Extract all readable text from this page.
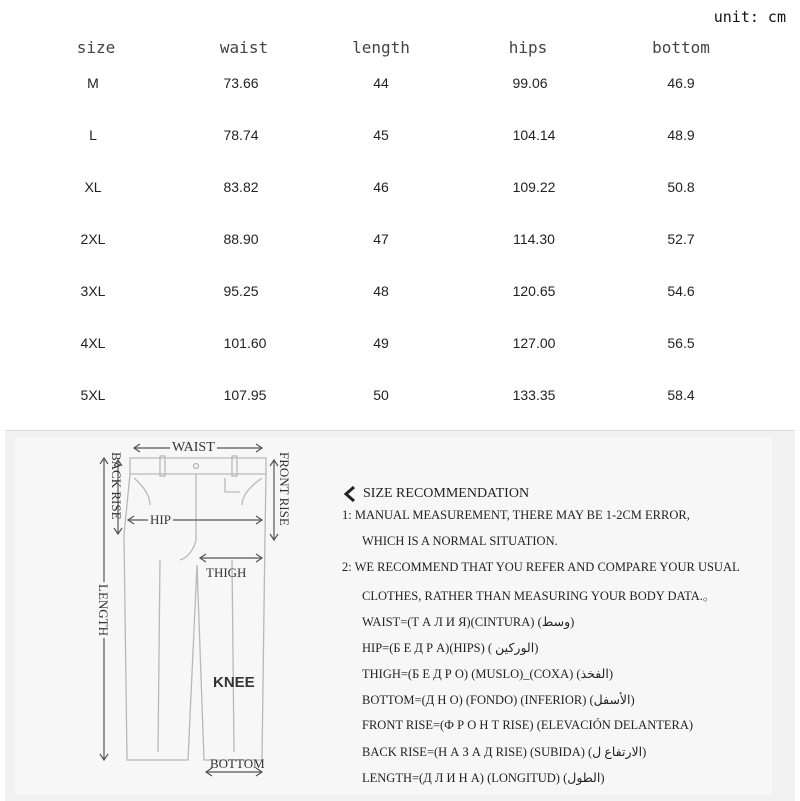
unit: cm
size	waist	length	hips	bottom
M	73.66	44	99.06	46.9
L	78.74	45	104.14	48.9
XL	83.82	46	109.22	50.8
2XL	88.90	47	114.30	52.7
3XL	95.25	48	120.65	54.6
4XL	101.60	49	127.00	56.5
5XL	107.95	50	133.35	58.4
WAIST
BACK RISE	FRONT RISE
HIP
THIGH
LENGTH
KNEE
BOTTOM
SIZE RECOMMENDATION
1: MANUAL MEASUREMENT, THERE MAY BE 1-2CM ERROR,
WHICH IS A NORMAL SITUATION.
2: WE RECOMMEND THAT YOU REFER AND COMPARE YOUR USUAL
CLOTHES, RATHER THAN MEASURING YOUR BODY DATA.。
WAIST=(Т А Л И Я)(CINTURA) (وسط)
HIP=(Б Е Д Р А)(HIPS) ( الوركين)
THIGH=(Б Е Д Р О) (MUSLO)_(COXA) (الفخذ)
BOTTOM=(Д Н О) (FONDO) (INFERIOR) (الأسفل)
FRONT RISE=(Ф Р О Н Т RISE) (ELEVACIÓN DELANTERA)
BACK RISE=(Н А З А Д RISE) (SUBIDA) (الارتفاع ل)
LENGTH=(Д Л И Н А) (LONGITUD) (الطول)
